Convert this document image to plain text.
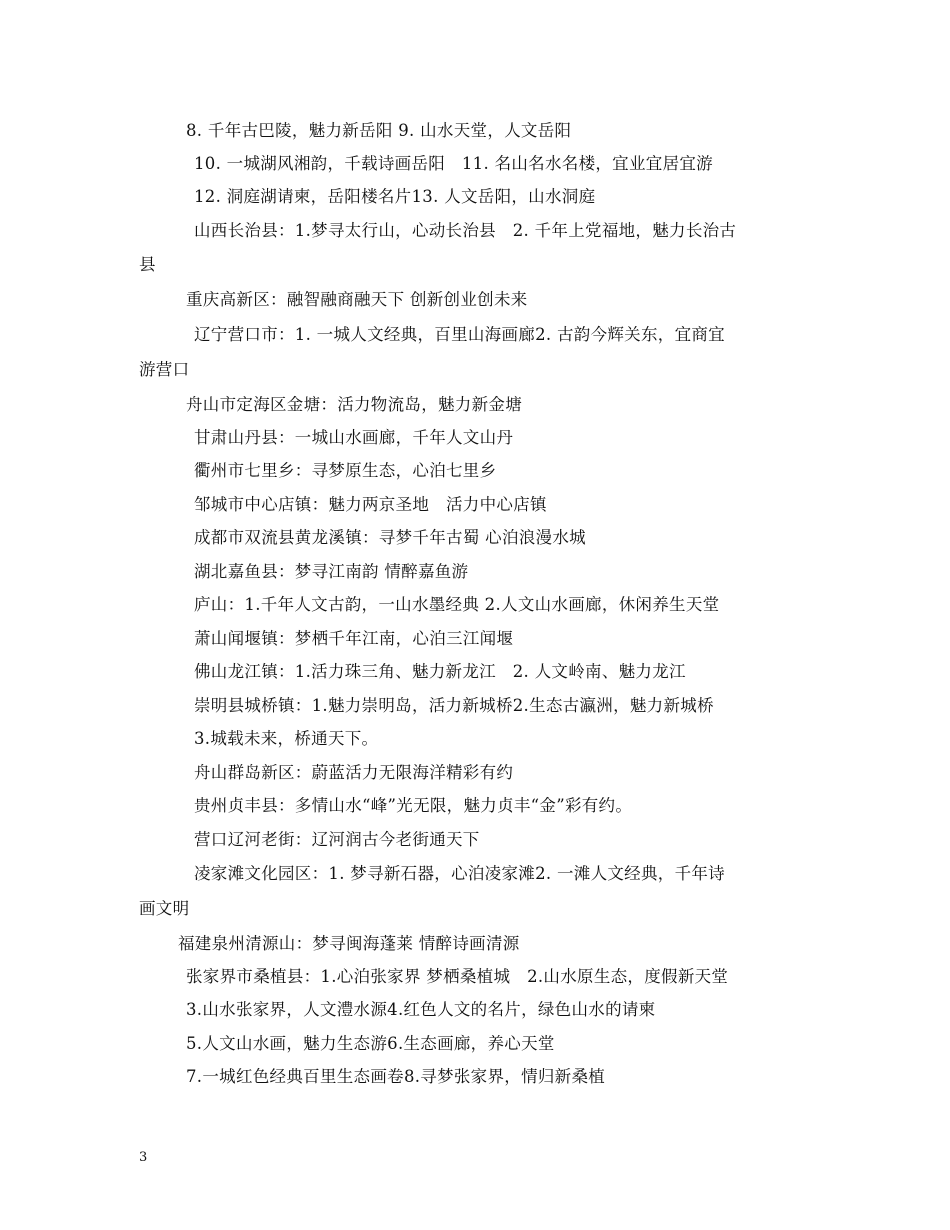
8. 千年古巴陵，魅力新岳阳 9. 山水天堂，人文岳阳
10. 一城湖风湘韵，千载诗画岳阳　11. 名山名水名楼，宜业宜居宜游
12. 洞庭湖请柬，岳阳楼名片13. 人文岳阳，山水洞庭
山西长治县：1.梦寻太行山，心动长治县　2. 千年上党福地，魅力长治古
县
重庆高新区：融智融商融天下 创新创业创未来
辽宁营口市：1. 一城人文经典，百里山海画廊2. 古韵今辉关东，宜商宜
游营口
舟山市定海区金塘：活力物流岛，魅力新金塘
甘肃山丹县：一城山水画廊，千年人文山丹
衢州市七里乡：寻梦原生态，心泊七里乡
邹城市中心店镇：魅力两京圣地　活力中心店镇
成都市双流县黄龙溪镇：寻梦千年古蜀 心泊浪漫水城
湖北嘉鱼县：梦寻江南韵 情醉嘉鱼游
庐山：1.千年人文古韵，一山水墨经典 2.人文山水画廊，休闲养生天堂
萧山闻堰镇：梦栖千年江南，心泊三江闻堰
佛山龙江镇：1.活力珠三角、魅力新龙江　2. 人文岭南、魅力龙江
崇明县城桥镇：1.魅力崇明岛，活力新城桥2.生态古瀛洲，魅力新城桥
3.城载未来，桥通天下。
舟山群岛新区：蔚蓝活力无限海洋精彩有约
贵州贞丰县：多情山水“峰”光无限，魅力贞丰“金”彩有约。
营口辽河老街：辽河润古今老街通天下
凌家滩文化园区：1. 梦寻新石器，心泊凌家滩2. 一滩人文经典，千年诗
画文明
福建泉州清源山：梦寻闽海蓬莱 情醉诗画清源
张家界市桑植县：1.心泊张家界 梦栖桑植城　2.山水原生态，度假新天堂
3.山水张家界，人文澧水源4.红色人文的名片，绿色山水的请柬
5.人文山水画，魅力生态游6.生态画廊，养心天堂
7.一城红色经典百里生态画卷8.寻梦张家界，情归新桑植
3
